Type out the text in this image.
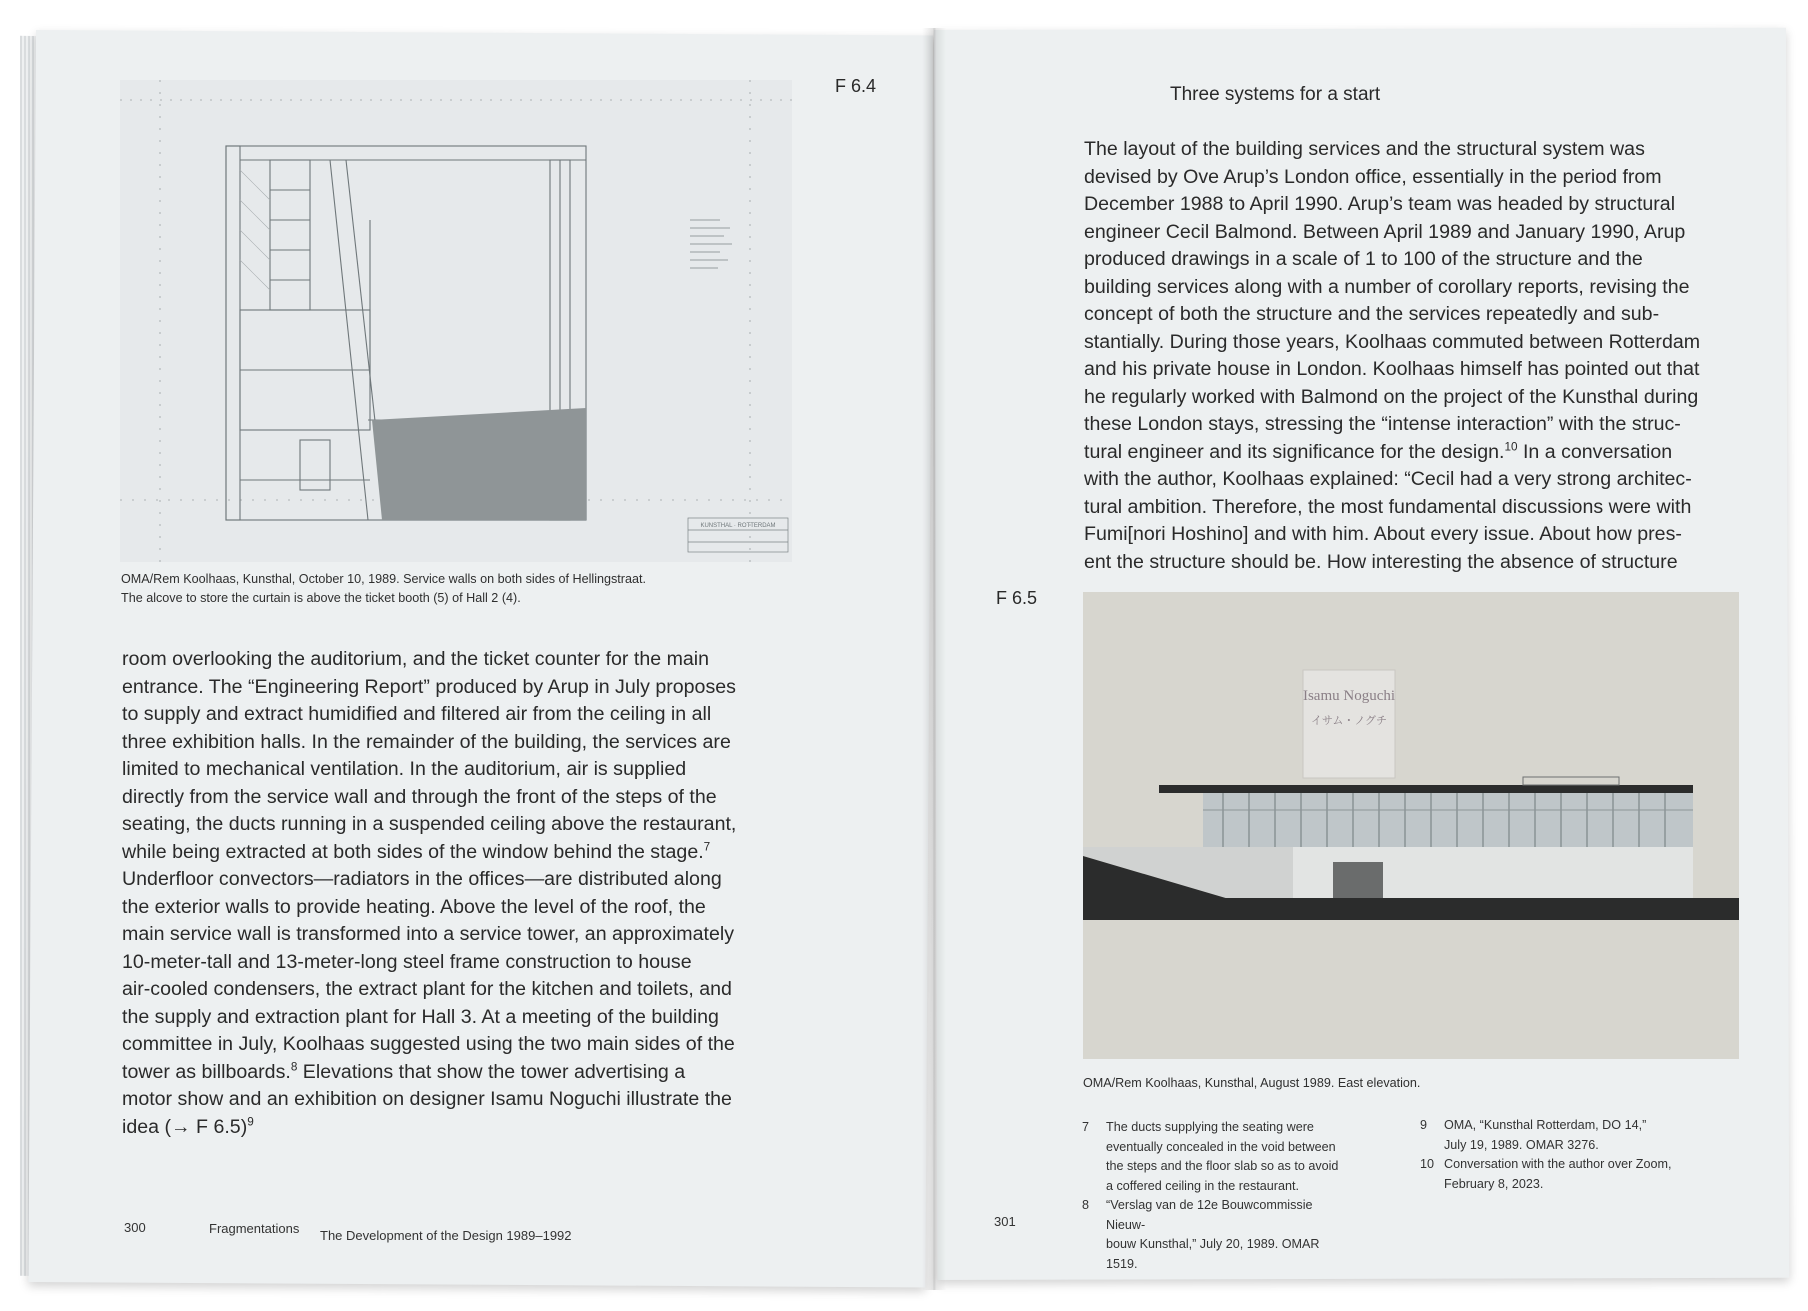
KUNSTHAL · ROTTERDAM
F 6.4
OMA/Rem Koolhaas, Kunsthal, October 10, 1989. Service walls on both sides of Hellingstraat.
The alcove to store the curtain is above the ticket booth (5) of Hall 2 (4).
room overlooking the auditorium, and the ticket counter for the main
entrance. The “Engineering Report” produced by Arup in July proposes
to supply and extract humidified and filtered air from the ceiling in all
three exhibition halls. In the remainder of the building, the services are
limited to mechanical ventilation. In the auditorium, air is supplied
directly from the service wall and through the front of the steps of the
seating, the ducts running in a suspended ceiling above the restaurant,
while being extracted at both sides of the window behind the stage.$^7$
Underfloor convectors—radiators in the offices—are distributed along
the exterior walls to provide heating. Above the level of the roof, the
main service wall is transformed into a service tower, an approximately
10-meter-tall and 13-meter-long steel frame construction to house
air-cooled condensers, the extract plant for the kitchen and toilets, and
the supply and extraction plant for Hall 3. At a meeting of the building
committee in July, Koolhaas suggested using the two main sides of the
tower as billboards.$^8$ Elevations that show the tower advertising a
motor show and an exhibition on designer Isamu Noguchi illustrate the
idea (→ F 6.5)$^9$
300	Fragmentations The Development of the Design 1989–1992
Three systems for a start
The layout of the building services and the structural system was
devised by Ove Arup’s London office, essentially in the period from
December 1988 to April 1990. Arup’s team was headed by structural
engineer Cecil Balmond. Between April 1989 and January 1990, Arup
produced drawings in a scale of 1 to 100 of the structure and the
building services along with a number of corollary reports, revising the
concept of both the structure and the services repeatedly and sub-
stantially. During those years, Koolhaas commuted between Rotterdam
and his private house in London. Koolhaas himself has pointed out that
he regularly worked with Balmond on the project of the Kunsthal during
these London stays, stressing the “intense interaction” with the struc-
tural engineer and its significance for the design.$^{10}$ In a conversation
with the author, Koolhaas explained: “Cecil had a very strong architec-
tural ambition. Therefore, the most fundamental discussions were with
Fumi[nori Hoshino] and with him. About every issue. About how pres-
ent the structure should be. How interesting the absence of structure
F 6.5
Isamu Noguchi
イサム・ノグチ
OMA/Rem Koolhaas, Kunsthal, August 1989. East elevation.
7 The ducts supplying the seating were
eventually concealed in the void between
the steps and the floor slab so as to avoid
a coffered ceiling in the restaurant.
8 “Verslag van de 12e Bouwcommissie Nieuw-
bouw Kunsthal,” July 20, 1989. OMAR 1519.
9 OMA, “Kunsthal Rotterdam, DO 14,”
July 19, 1989. OMAR 3276.
10 Conversation with the author over Zoom,
February 8, 2023.
301
